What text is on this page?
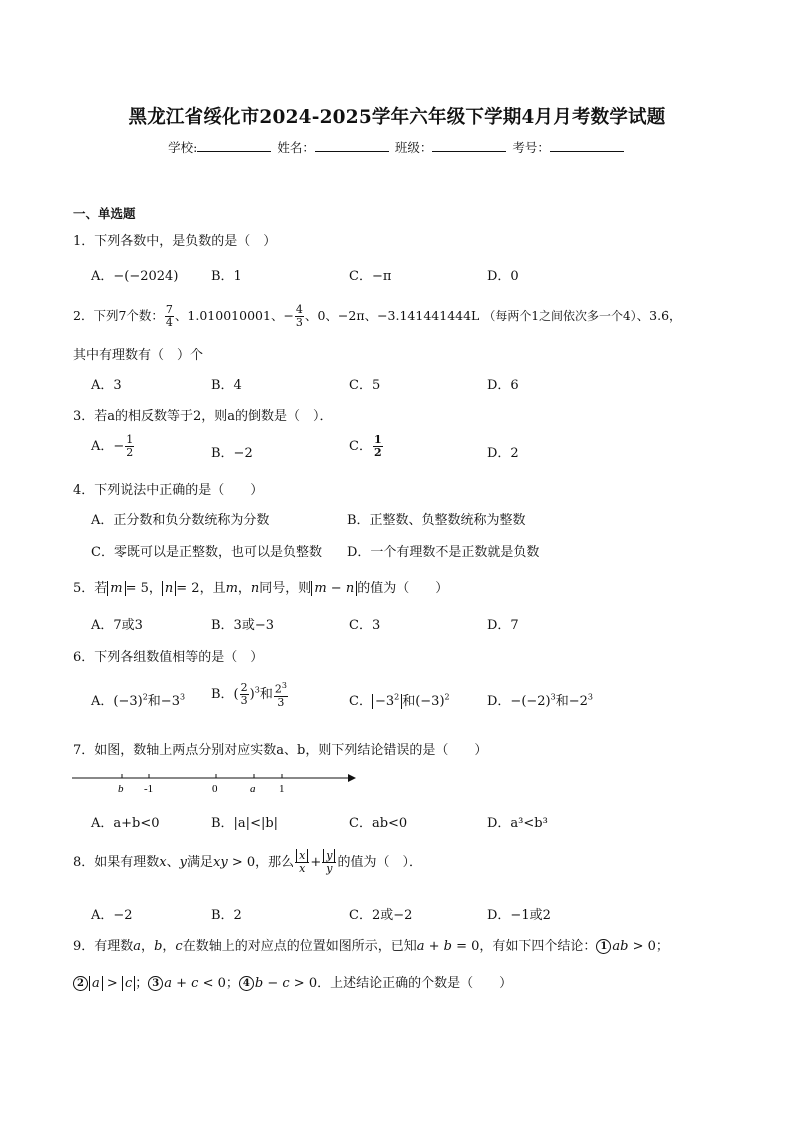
黑龙江省绥化市2024-2025学年六年级下学期4月月考数学试题
学校:	姓名：	班级：	考号：
一、单选题
1．下列各数中，是负数的是（　）
A．−(−2024)	B．1	C．−π	D．0
2．下列7个数： $\frac{7}{4}$ 、1.010010001、− $\frac{4}{3}$ 、0、−2π、−3.141441444L （每两个1之间依次多一个4）、3.6̇，
其中有理数有（　）个
A．3	B．4	C．5	D．6
3．若a的相反数等于2，则a的倒数是（　）．
A．− $\frac{1}{2}$	B．−2	C． $\frac{1}{2}$	D．2
4．下列说法中正确的是（　　）
A．正分数和负分数统称为分数	B．正整数、负整数统称为整数
C．零既可以是正整数，也可以是负整数 D．一个有理数不是正数就是负数
5．若 m = 5， n = 2，且m，n同号，则 m − n 的值为（　　）
A．7或3	B．3或−3	C．3	D．7
6．下列各组数值相等的是（　）
A．$(-3)^2$和$-3^3$ B．( $\frac{2}{3} )^3$和 $\frac{2^3}{3}$	C． $-3^2$ 和$(-3)^2$	D．$-(-2)^3$和$-2^3$
7．如图，数轴上两点分别对应实数a、b，则下列结论错误的是（　　）
b -1	0	a 1
A．a+b<0	B．|a|<|b|	C．ab<0	D．a³<b³
8．如果有理数x、y满足xy > 0，那么 $\frac{x}{x} + \frac{y}{y}$ 的值为（　）．
A．−2	B．2	C．2或−2	D．−1或2
9．有理数a，b，c在数轴上的对应点的位置如图所示，已知a + b = 0，有如下四个结论： 1 ab > 0；
2 a > c ； 3 a + c < 0； 4 b − c > 0．上述结论正确的个数是（　　）
